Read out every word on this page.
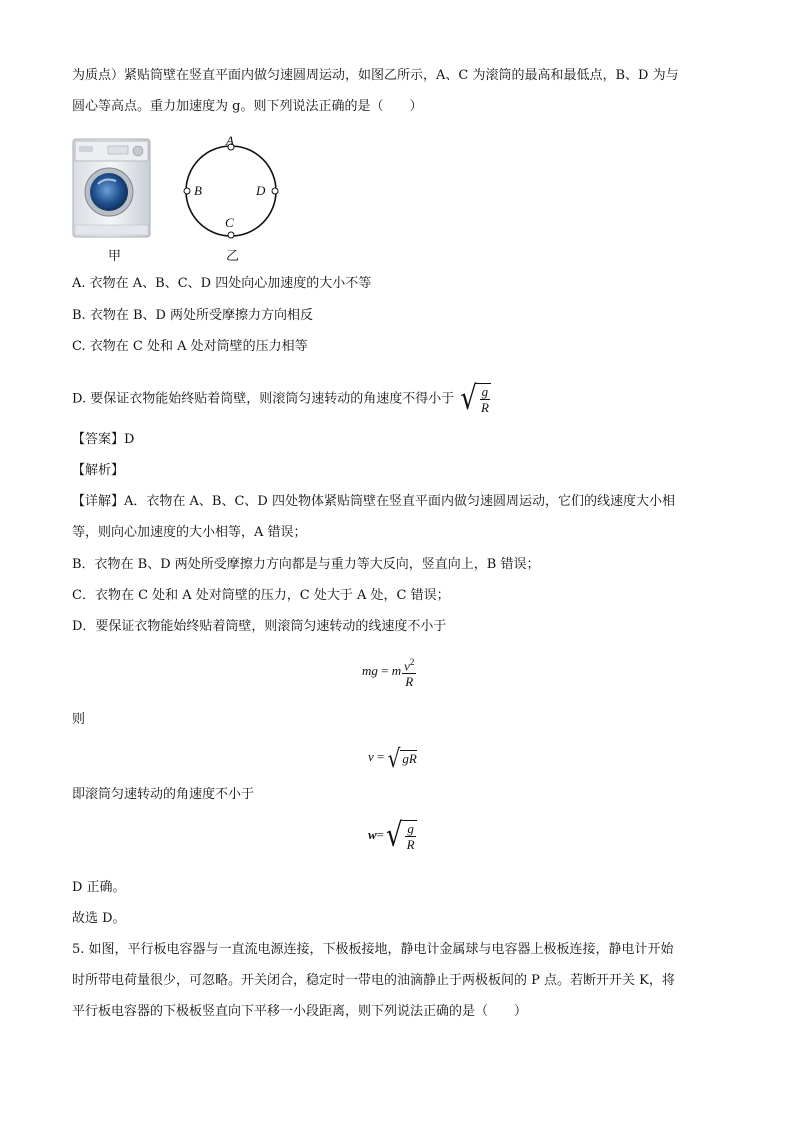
为质点）紧贴筒壁在竖直平面内做匀速圆周运动，如图乙所示，A、C 为滚筒的最高和最低点，B、D 为与
圆心等高点。重力加速度为 g。则下列说法正确的是（　　）
甲
A
B	D
C
乙
A. 衣物在 A、B、C、D 四处向心加速度的大小不等
B. 衣物在 B、D 两处所受摩擦力方向相反
C. 衣物在 C 处和 A 处对筒壁的压力相等
D. 要保证衣物能始终贴着筒壁，则滚筒匀速转动的角速度不得小于 √ $\frac{g}{R}$
【答案】D
【解析】
【详解】A．衣物在 A、B、C、D 四处物体紧贴筒壁在竖直平面内做匀速圆周运动，它们的线速度大小相
等，则向心加速度的大小相等，A 错误；
B．衣物在 B、D 两处所受摩擦力方向都是与重力等大反向，竖直向上，B 错误；
C．衣物在 C 处和 A 处对筒壁的压力，C 处大于 A 处，C 错误；
D．要保证衣物能始终贴着筒壁，则滚筒匀速转动的线速度不小于
mg = m $\frac{v^2}{R}$
则
v = √ gR
即滚筒匀速转动的角速度不小于
w= √ $\frac{g}{R}$
D 正确。
故选 D。
5. 如图，平行板电容器与一直流电源连接，下极板接地，静电计金属球与电容器上极板连接，静电计开始
时所带电荷量很少，可忽略。开关闭合，稳定时一带电的油滴静止于两极板间的 P 点。若断开开关 K，将
平行板电容器的下极板竖直向下平移一小段距离，则下列说法正确的是（　　）
